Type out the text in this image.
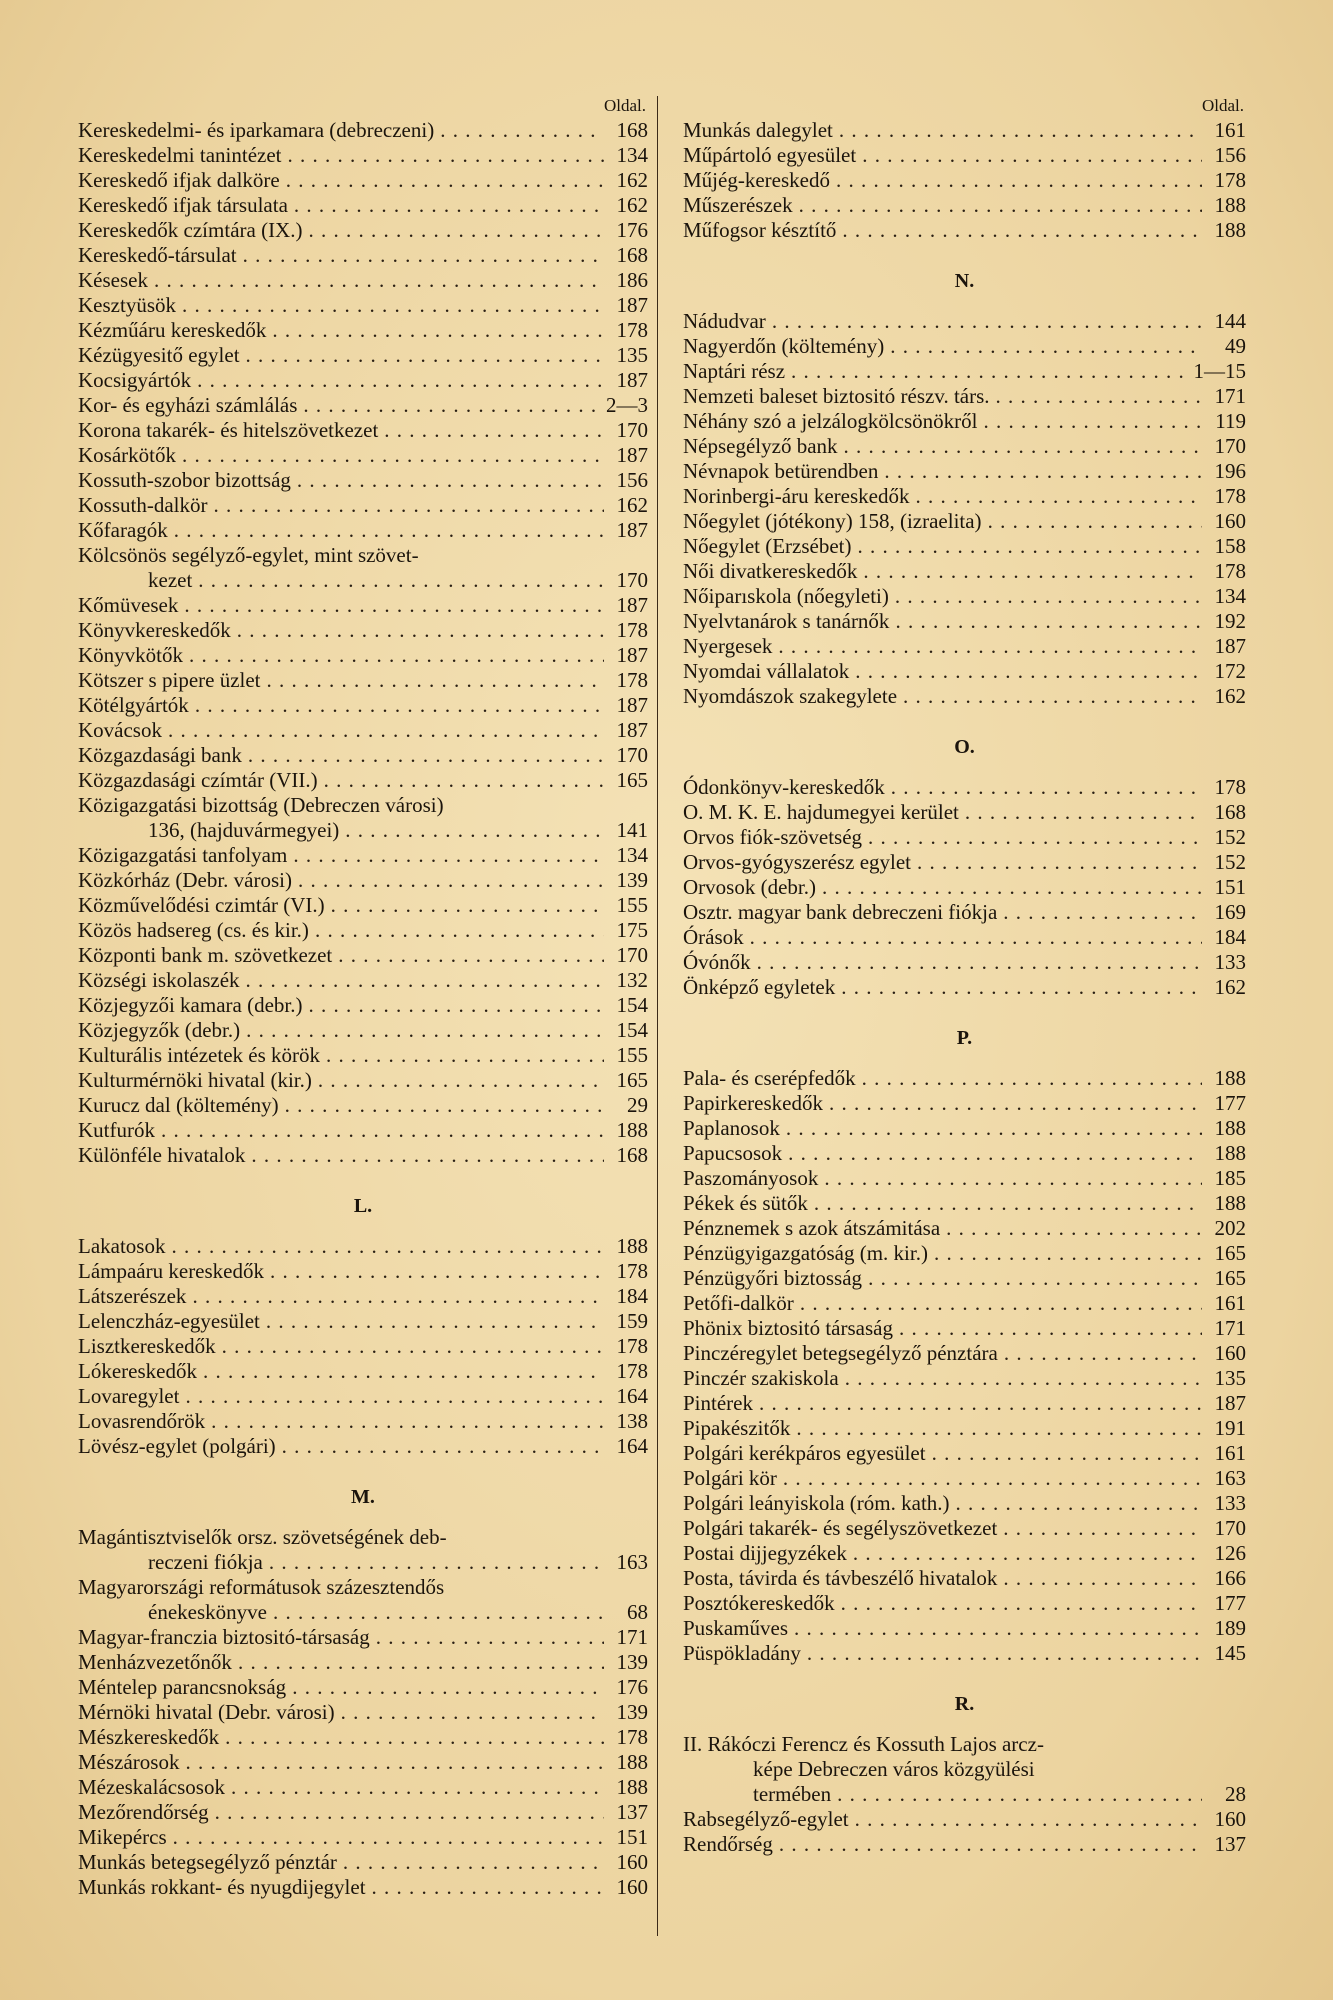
Oldal.
Kereskedelmi- és iparkamara (debreczeni) . . .	168
Kereskedelmi tanintézet . . .	134
Kereskedő ifjak dalköre . . .	162
Kereskedő ifjak társulata . . .	162
Kereskedők czímtára (IX.) . . .	176
Kereskedő-társulat . . .	168
Késesek . . .	186
Kesztyüsök . . .	187
Kézműáru kereskedők . . .	178
Kézügyesitő egylet . . .	135
Kocsigyártók . . .	187
Kor- és egyházi számlálás . . .	2—3
Korona takarék- és hitelszövetkezet . . .	170
Kosárkötők . . .	187
Kossuth-szobor bizottság . . .	156
Kossuth-dalkör . . .	162
Kőfaragók . . .	187
Kölcsönös segélyző-egylet, mint szövet-
kezet . . .	170
Kőmüvesek . . .	187
Könyvkereskedők . . .	178
Könyvkötők . . .	187
Kötszer s pipere üzlet . . .	178
Kötélgyártók . . .	187
Kovácsok . . .	187
Közgazdasági bank . . .	170
Közgazdasági czímtár (VII.) . . .	165
Közigazgatási bizottság (Debreczen városi)
136, (hajduvármegyei) . . .	141
Közigazgatási tanfolyam . . .	134
Közkórház (Debr. városi) . . .	139
Közművelődési czimtár (VI.) . . .	155
Közös hadsereg (cs. és kir.) . . .	175
Központi bank m. szövetkezet . . .	170
Községi iskolaszék . . .	132
Közjegyzői kamara (debr.) . . .	154
Közjegyzők (debr.) . . .	154
Kulturális intézetek és körök . . .	155
Kulturmérnöki hivatal (kir.) . . .	165
Kurucz dal (költemény) . . .	29
Kutfurók . . .	188
Különféle hivatalok . . .	168
L.
Lakatosok . . .	188
Lámpaáru kereskedők . . .	178
Látszerészek . . .	184
Lelenczház-egyesület . . .	159
Lisztkereskedők . . .	178
Lókereskedők . . .	178
Lovaregylet . . .	164
Lovasrendőrök . . .	138
Lövész-egylet (polgári) . . .	164
M.
Magántisztviselők orsz. szövetségének deb-
reczeni fiókja . . .	163
Magyarországi reformátusok százesztendős
énekeskönyve . . .	68
Magyar-franczia biztositó-társaság . . .	171
Menházvezetőnők . . .	139
Méntelep parancsnokság . . .	176
Mérnöki hivatal (Debr. városi) . . .	139
Mészkereskedők . . .	178
Mészárosok . . .	188
Mézeskalácsosok . . .	188
Mezőrendőrség . . .	137
Mikepércs . . .	151
Munkás betegsegélyző pénztár . . .	160
Munkás rokkant- és nyugdijegylet . . .	160
Oldal.
Munkás dalegylet . . .	161
Műpártoló egyesület . . .	156
Műjég-kereskedő . . .	178
Műszerészek . . .	188
Műfogsor késztítő . . .	188
N.
Nádudvar . . .	144
Nagyerdőn (költemény) . . .	49
Naptári rész . . .	1—15
Nemzeti baleset biztositó részv. társ. . . .	171
Néhány szó a jelzálogkölcsönökről . . .	119
Népsegélyző bank . . .	170
Névnapok betürendben . . .	196
Norinbergi-áru kereskedők . . .	178
Nőegylet (jótékony) 158, (izraelita) . . .	160
Nőegylet (Erzsébet) . . .	158
Női divatkereskedők . . .	178
Nőiparıskola (nőegyleti) . . .	134
Nyelvtanárok s tanárnők . . .	192
Nyergesek . . .	187
Nyomdai vállalatok . . .	172
Nyomdászok szakegylete . . .	162
O.
Ódonkönyv-kereskedők . . .	178
O. M. K. E. hajdumegyei kerület . . .	168
Orvos fiók-szövetség . . .	152
Orvos-gyógyszerész egylet . . .	152
Orvosok (debr.) . . .	151
Osztr. magyar bank debreczeni fiókja . . .	169
Órások . . .	184
Óvónők . . .	133
Önképző egyletek . . .	162
P.
Pala- és cserépfedők . . .	188
Papirkereskedők . . .	177
Paplanosok . . .	188
Papucsosok . . .	188
Paszományosok . . .	185
Pékek és sütők . . .	188
Pénznemek s azok átszámitása . . .	202
Pénzügyigazgatóság (m. kir.) . . .	165
Pénzügyőri biztosság . . .	165
Petőfi-dalkör . . .	161
Phönix biztositó társaság . . .	171
Pinczéregylet betegsegélyző pénztára . . .	160
Pinczér szakiskola . . .	135
Pintérek . . .	187
Pipakészitők . . .	191
Polgári kerékpáros egyesület . . .	161
Polgári kör . . .	163
Polgári leányiskola (róm. kath.) . . .	133
Polgári takarék- és segélyszövetkezet . . .	170
Postai dijjegyzékek . . .	126
Posta, távirda és távbeszélő hivatalok . . .	166
Posztókereskedők . . .	177
Puskaműves . . .	189
Püspökladány . . .	145
R.
II. Rákóczi Ferencz és Kossuth Lajos arcz-
képe Debreczen város közgyülési
termében . . .	28
Rabsegélyző-egylet . . .	160
Rendőrség . . .	137
